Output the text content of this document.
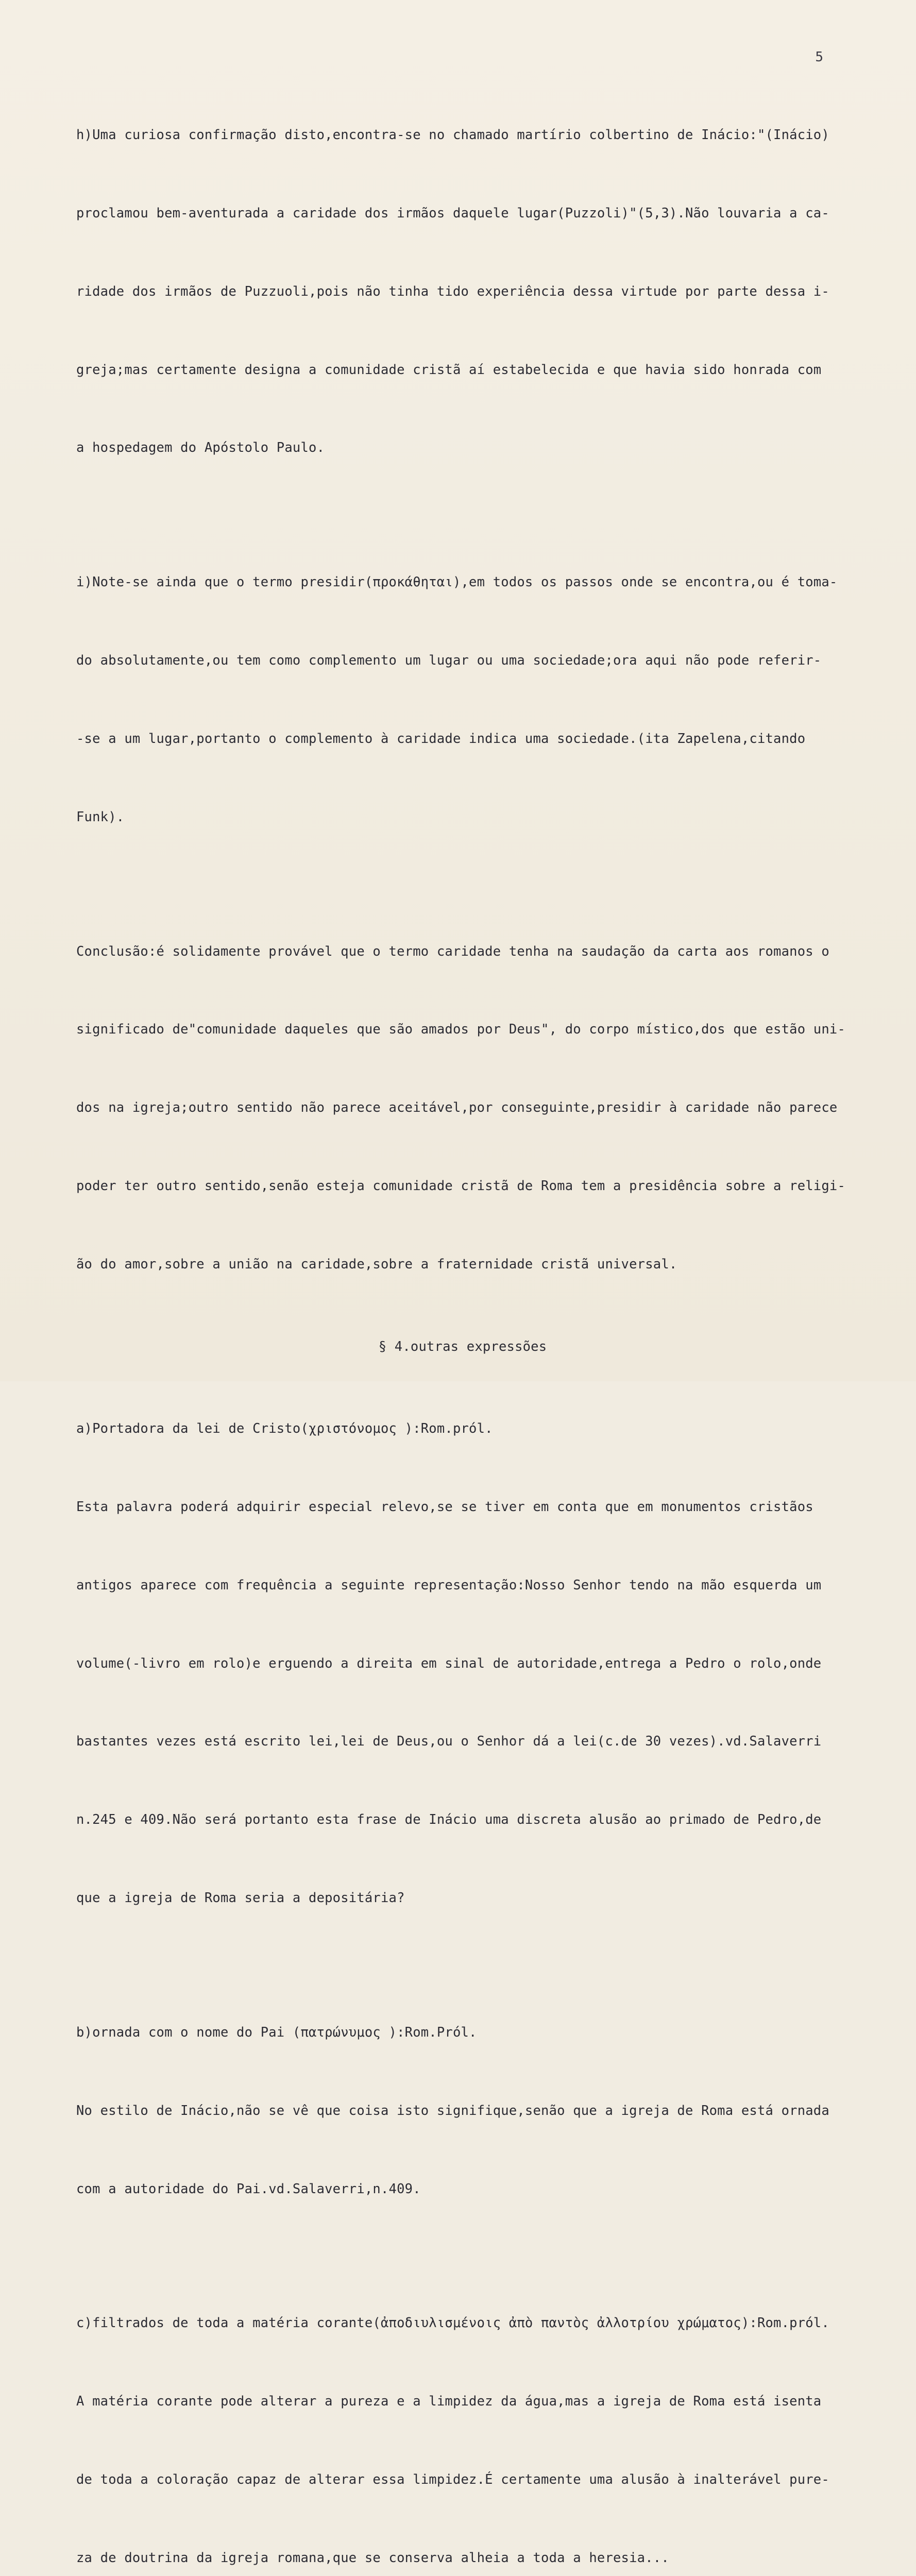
5

h)Uma curiosa confirmação disto,encontra-se no chamado martírio colbertino de Inácio:"(Inácio)

proclamou bem-aventurada a caridade dos irmãos daquele lugar(Puzzoli)"(5,3).Não louvaria a ca-

ridade dos irmãos de Puzzuoli,pois não tinha tido experiência dessa virtude por parte dessa i-

greja;mas certamente designa a comunidade cristã aí estabelecida e que havia sido honrada com

a hospedagem do Apóstolo Paulo.

i)Note-se ainda que o termo presidir(προκάθηται),em todos os passos onde se encontra,ou é toma-

do absolutamente,ou tem como complemento um lugar ou uma sociedade;ora aqui não pode referir-

-se a um lugar,portanto o complemento à caridade indica uma sociedade.(ita Zapelena,citando

Funk).

Conclusão:é solidamente provável que o termo caridade tenha na saudação da carta aos romanos o

significado de"comunidade daqueles que são amados por Deus", do corpo místico,dos que estão uni-

dos na igreja;outro sentido não parece aceitável,por conseguinte,presidir à caridade não parece

poder ter outro sentido,senão esteja comunidade cristã de Roma tem a presidência sobre a religi-

ão do amor,sobre a união na caridade,sobre a fraternidade cristã universal.

§ 4.outras expressões

a)Portadora da lei de Cristo(χριστόνομος ):Rom.pról.

Esta palavra poderá adquirir especial relevo,se se tiver em conta que em monumentos cristãos

antigos aparece com frequência a seguinte representação:Nosso Senhor tendo na mão esquerda um

volume(-livro em rolo)e erguendo a direita em sinal de autoridade,entrega a Pedro o rolo,onde

bastantes vezes está escrito lei,lei de Deus,ou o Senhor dá a lei(c.de 30 vezes).vd.Salaverri

n.245 e 409.Não será portanto esta frase de Inácio uma discreta alusão ao primado de Pedro,de

que a igreja de Roma seria a depositária?

b)ornada com o nome do Pai (πατρώνυμος ):Rom.Pról.

No estilo de Inácio,não se vê que coisa isto signifique,senão que a igreja de Roma está ornada

com a autoridade do Pai.vd.Salaverri,n.409.

c)filtrados de toda a matéria corante(ἀποδιυλισμένοις ἀπὸ παντὸς ἀλλοτρίου χρώματος):Rom.pról.

A matéria corante pode alterar a pureza e a limpidez da água,mas a igreja de Roma está isenta

de toda a coloração capaz de alterar essa limpidez.É certamente uma alusão à inalterável pure-

za de doutrina da igreja romana,que se conserva alheia a toda a heresia...
